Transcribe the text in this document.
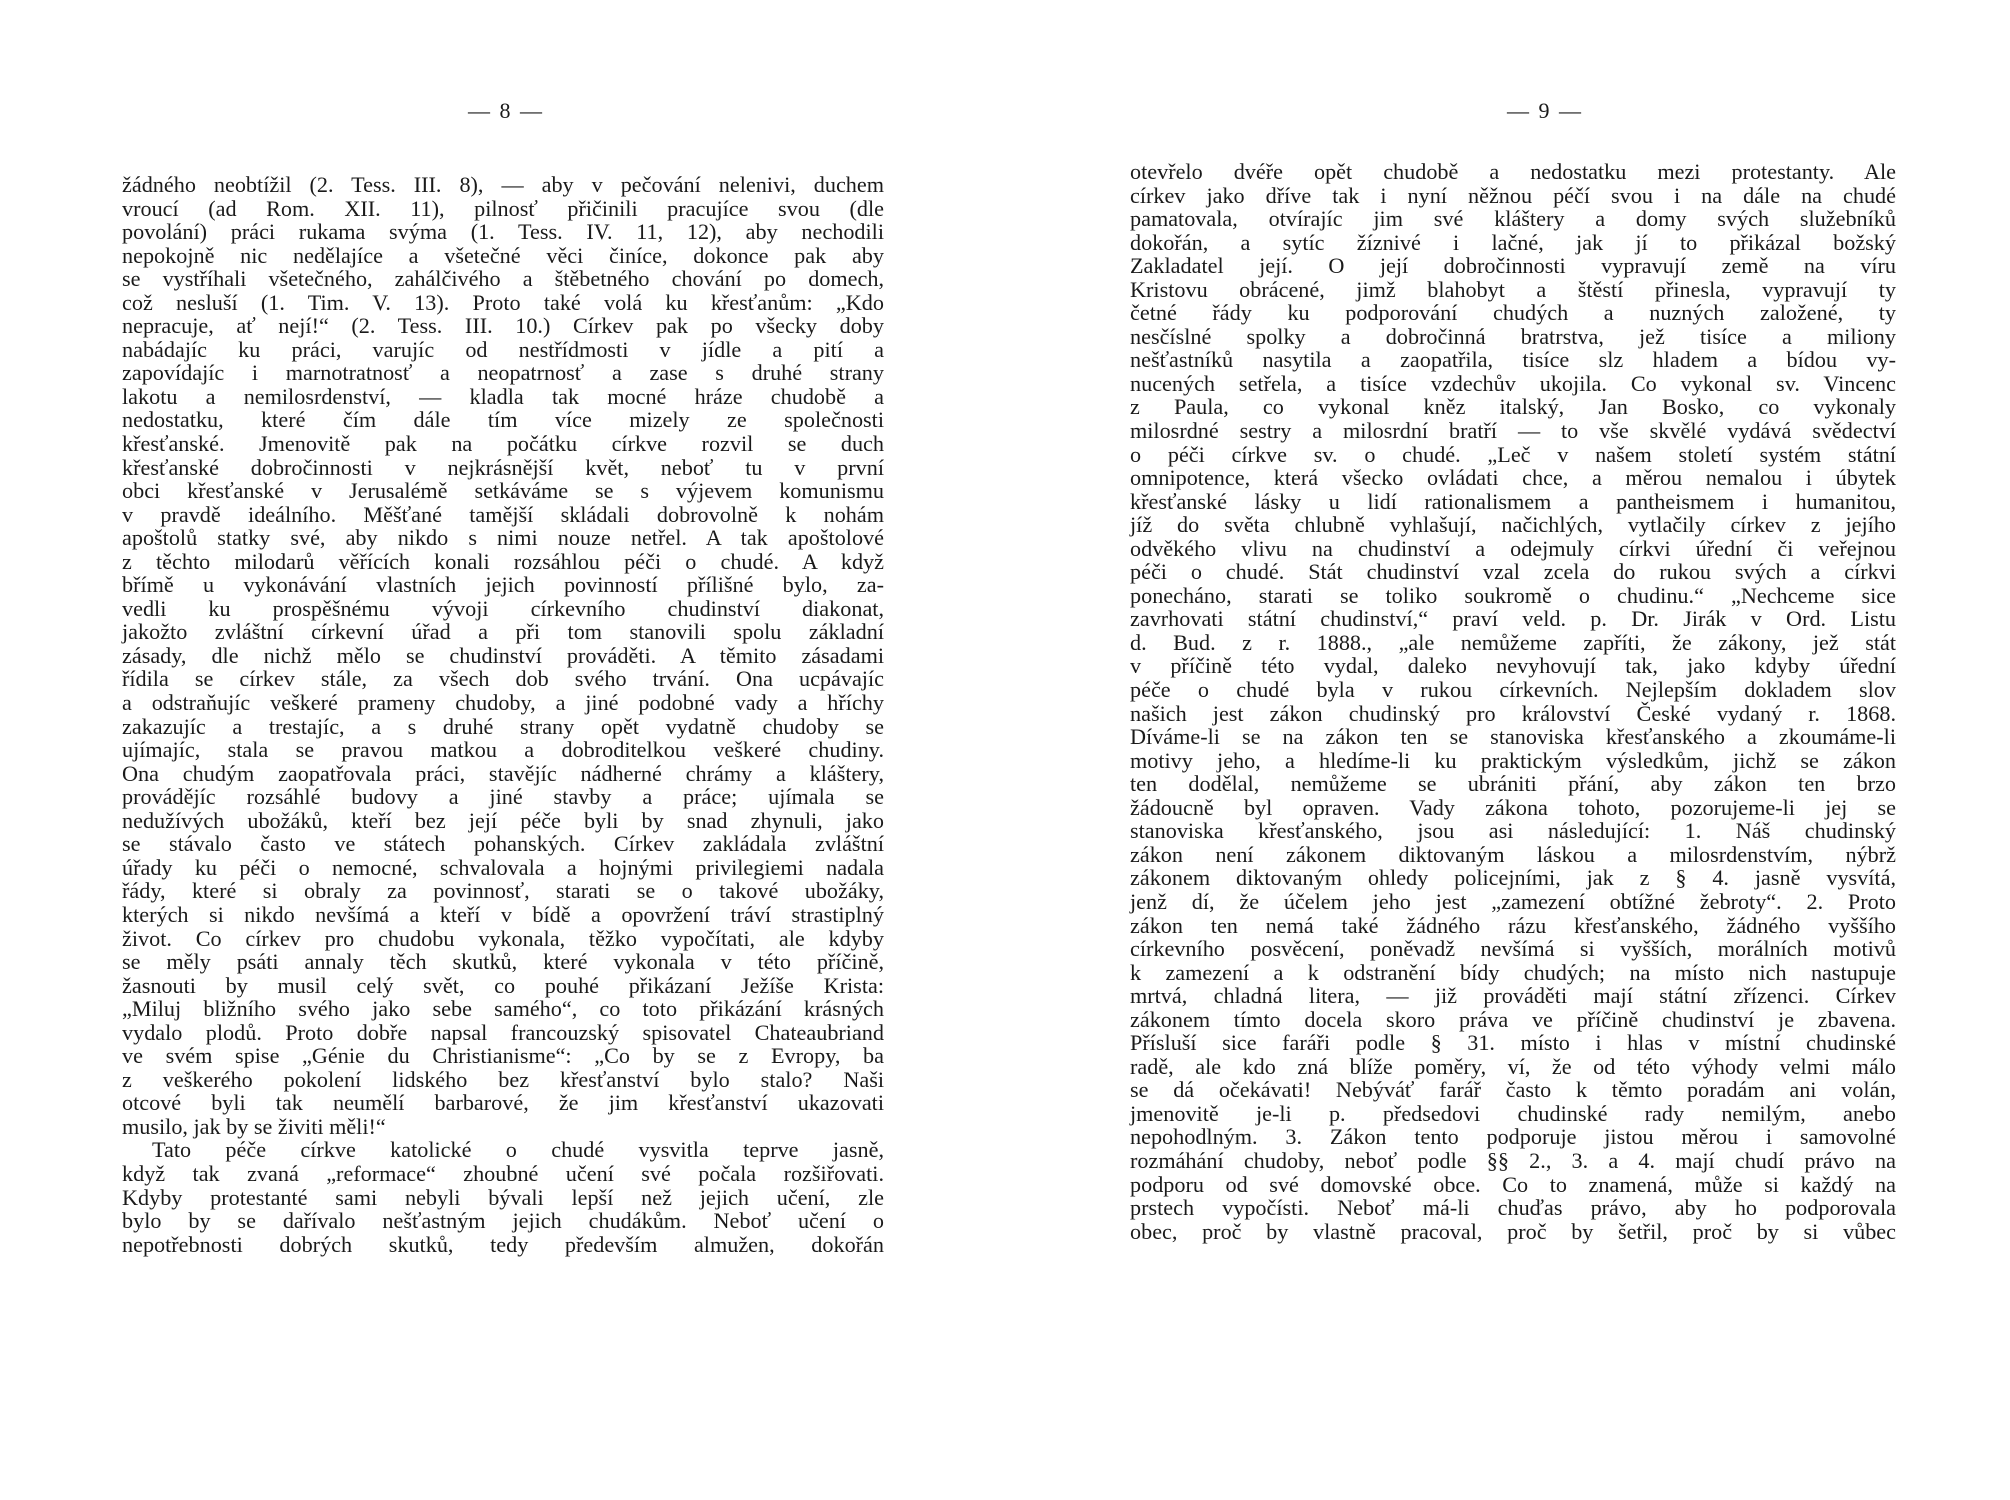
— 8 —
žádného neobtížil (2. Tess. III. 8), — aby v pečování nelenivi, duchem
vroucí (ad Rom. XII. 11), pilnosť přičinili pracujíce svou (dle
povolání) práci rukama svýma (1. Tess. IV. 11, 12), aby nechodili
nepokojně nic nedělajíce a všetečné věci činíce, dokonce pak aby
se vystříhali všetečného, zahálčivého a štěbetného chování po domech,
což nesluší (1. Tim. V. 13). Proto také volá ku křesťanům: „Kdo
nepracuje, ať nejí!“ (2. Tess. III. 10.) Církev pak po všecky doby
nabádajíc ku práci, varujíc od nestřídmosti v jídle a pití a
zapovídajíc i marnotratnosť a neopatrnosť a zase s druhé strany
lakotu a nemilosrdenství, — kladla tak mocné hráze chudobě a
nedostatku, které čím dále tím více mizely ze společnosti
křesťanské. Jmenovitě pak na počátku církve rozvil se duch
křesťanské dobročinnosti v nejkrásnější květ, neboť tu v první
obci křesťanské v Jerusalémě setkáváme se s výjevem komunismu
v pravdě ideálního. Měšťané tamější skládali dobrovolně k nohám
apoštolů statky své, aby nikdo s nimi nouze netřel. A tak apoštolové
z těchto milodarů věřících konali rozsáhlou péči o chudé. A když
břímě u vykonávání vlastních jejich povinností přílišné bylo, za-
vedli ku prospěšnému vývoji církevního chudinství diakonat,
jakožto zvláštní církevní úřad a při tom stanovili spolu základní
zásady, dle nichž mělo se chudinství prováděti. A těmito zásadami
řídila se církev stále, za všech dob svého trvání. Ona ucpávajíc
a odstraňujíc veškeré prameny chudoby, a jiné podobné vady a hříchy
zakazujíc a trestajíc, a s druhé strany opět vydatně chudoby se
ujímajíc, stala se pravou matkou a dobroditelkou veškeré chudiny.
Ona chudým zaopatřovala práci, stavějíc nádherné chrámy a kláštery,
provádějíc rozsáhlé budovy a jiné stavby a práce; ujímala se
nedužívých ubožáků, kteří bez její péče byli by snad zhynuli, jako
se stávalo často ve státech pohanských. Církev zakládala zvláštní
úřady ku péči o nemocné, schvalovala a hojnými privilegiemi nadala
řády, které si obraly za povinnosť, starati se o takové ubožáky,
kterých si nikdo nevšímá a kteří v bídě a opovržení tráví strastiplný
život. Co církev pro chudobu vykonala, těžko vypočítati, ale kdyby
se měly psáti annaly těch skutků, které vykonala v této příčině,
žasnouti by musil celý svět, co pouhé přikázaní Ježíše Krista:
„Miluj bližního svého jako sebe samého“, co toto přikázání krásných
vydalo plodů. Proto dobře napsal francouzský spisovatel Chateaubriand
ve svém spise „Génie du Christianisme“: „Co by se z Evropy, ba
z veškerého pokolení lidského bez křesťanství bylo stalo? Naši
otcové byli tak neumělí barbarové, že jim křesťanství ukazovati
musilo, jak by se živiti měli!“
Tato péče církve katolické o chudé vysvitla teprve jasně,
když tak zvaná „reformace“ zhoubné učení své počala rozšiřovati.
Kdyby protestanté sami nebyli bývali lepší než jejich učení, zle
bylo by se dařívalo nešťastným jejich chudákům. Neboť učení o
nepotřebnosti dobrých skutků, tedy především almužen, dokořán
— 9 —
otevřelo dvéře opět chudobě a nedostatku mezi protestanty. Ale
církev jako dříve tak i nyní něžnou péčí svou i na dále na chudé
pamatovala, otvírajíc jim své kláštery a domy svých služebníků
dokořán, a sytíc žíznivé i lačné, jak jí to přikázal božský
Zakladatel její. O její dobročinnosti vypravují země na víru
Kristovu obrácené, jimž blahobyt a štěstí přinesla, vypravují ty
četné řády ku podporování chudých a nuzných založené, ty
nesčíslné spolky a dobročinná bratrstva, jež tisíce a miliony
nešťastníků nasytila a zaopatřila, tisíce slz hladem a bídou vy-
nucených setřela, a tisíce vzdechův ukojila. Co vykonal sv. Vincenc
z Paula, co vykonal kněz italský, Jan Bosko, co vykonaly
milosrdné sestry a milosrdní bratří — to vše skvělé vydává svědectví
o péči církve sv. o chudé. „Leč v našem století systém státní
omnipotence, která všecko ovládati chce, a měrou nemalou i úbytek
křesťanské lásky u lidí rationalismem a pantheismem i humanitou,
jíž do světa chlubně vyhlašují, načichlých, vytlačily církev z jejího
odvěkého vlivu na chudinství a odejmuly církvi úřední či veřejnou
péči o chudé. Stát chudinství vzal zcela do rukou svých a církvi
ponecháno, starati se toliko soukromě o chudinu.“ „Nechceme sice
zavrhovati státní chudinství,“ praví veld. p. Dr. Jirák v Ord. Listu
d. Bud. z r. 1888., „ale nemůžeme zapříti, že zákony, jež stát
v příčině této vydal, daleko nevyhovují tak, jako kdyby úřední
péče o chudé byla v rukou církevních. Nejlepším dokladem slov
našich jest zákon chudinský pro království České vydaný r. 1868.
Díváme-li se na zákon ten se stanoviska křesťanského a zkoumáme-li
motivy jeho, a hledíme-li ku praktickým výsledkům, jichž se zákon
ten dodělal, nemůžeme se ubrániti přání, aby zákon ten brzo
žádoucně byl opraven. Vady zákona tohoto, pozorujeme-li jej se
stanoviska křesťanského, jsou asi následující: 1. Náš chudinský
zákon není zákonem diktovaným láskou a milosrdenstvím, nýbrž
zákonem diktovaným ohledy policejními, jak z § 4. jasně vysvítá,
jenž dí, že účelem jeho jest „zamezení obtížné žebroty“. 2. Proto
zákon ten nemá také žádného rázu křesťanského, žádného vyššího
církevního posvěcení, poněvadž nevšímá si vyšších, morálních motivů
k zamezení a k odstranění bídy chudých; na místo nich nastupuje
mrtvá, chladná litera, — již prováděti mají státní zřízenci. Církev
zákonem tímto docela skoro práva ve příčině chudinství je zbavena.
Přísluší sice faráři podle § 31. místo i hlas v místní chudinské
radě, ale kdo zná blíže poměry, ví, že od této výhody velmi málo
se dá očekávati! Nebýváť farář často k těmto poradám ani volán,
jmenovitě je-li p. předsedovi chudinské rady nemilým, anebo
nepohodlným. 3. Zákon tento podporuje jistou měrou i samovolné
rozmáhání chudoby, neboť podle §§ 2., 3. a 4. mají chudí právo na
podporu od své domovské obce. Co to znamená, může si každý na
prstech vypočísti. Neboť má-li chuďas právo, aby ho podporovala
obec, proč by vlastně pracoval, proč by šetřil, proč by si vůbec
